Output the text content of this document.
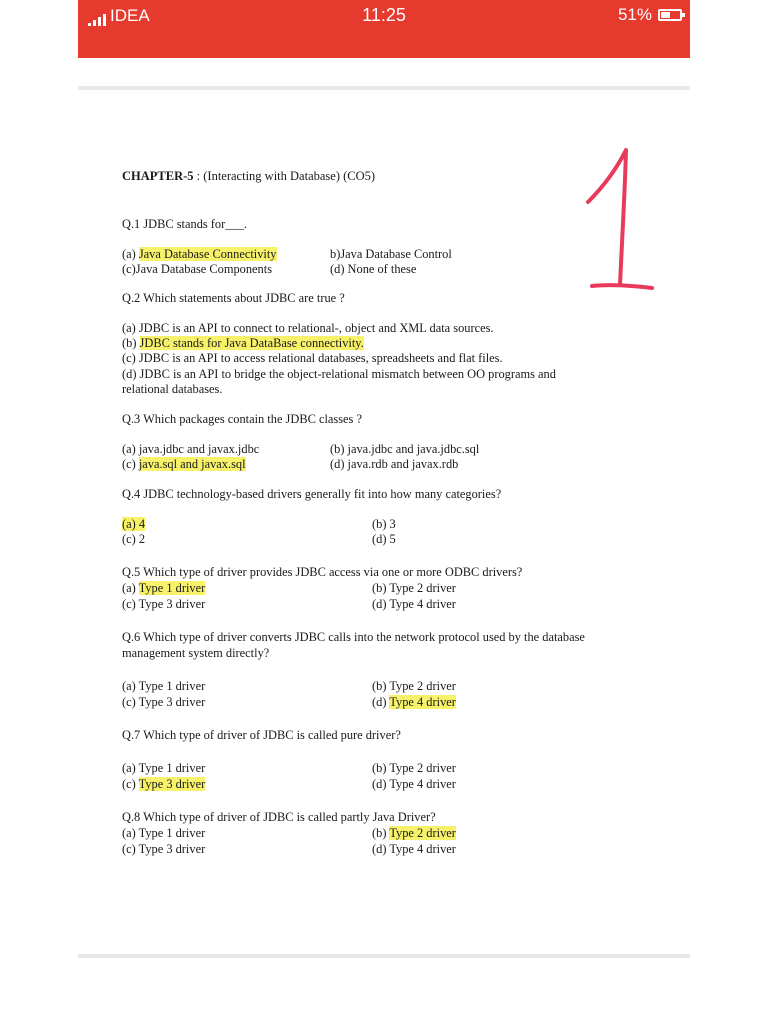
IDEA	11:25	51%

CHAPTER-5 : (Interacting with Database) (CO5)

Q.1 JDBC stands for___.
(a) Java Database Connectivity	b)Java Database Control
(c)Java Database Components	(d) None of these
Q.2 Which statements about JDBC are true ?
(a) JDBC is an API to connect to relational-, object and XML data sources.
(b) JDBC stands for Java DataBase connectivity.
(c) JDBC is an API to access relational databases, spreadsheets and flat files.
(d) JDBC is an API to bridge the object-relational mismatch between OO programs and
relational databases.
Q.3 Which packages contain the JDBC classes ?
(a) java.jdbc and javax.jdbc	(b) java.jdbc and java.jdbc.sql
(c) java.sql and javax.sql	(d) java.rdb and javax.rdb
Q.4 JDBC technology-based drivers generally fit into how many categories?
(a) 4	(b) 3
(c) 2	(d) 5
Q.5 Which type of driver provides JDBC access via one or more ODBC drivers?
(a) Type 1 driver	(b) Type 2 driver
(c) Type 3 driver	(d) Type 4 driver
Q.6 Which type of driver converts JDBC calls into the network protocol used by the database
management system directly?
(a) Type 1 driver	(b) Type 2 driver
(c) Type 3 driver	(d) Type 4 driver
Q.7 Which type of driver of JDBC is called pure driver?
(a) Type 1 driver	(b) Type 2 driver
(c) Type 3 driver	(d) Type 4 driver
Q.8 Which type of driver of JDBC is called partly Java Driver?
(a) Type 1 driver	(b) Type 2 driver
(c) Type 3 driver	(d) Type 4 driver
